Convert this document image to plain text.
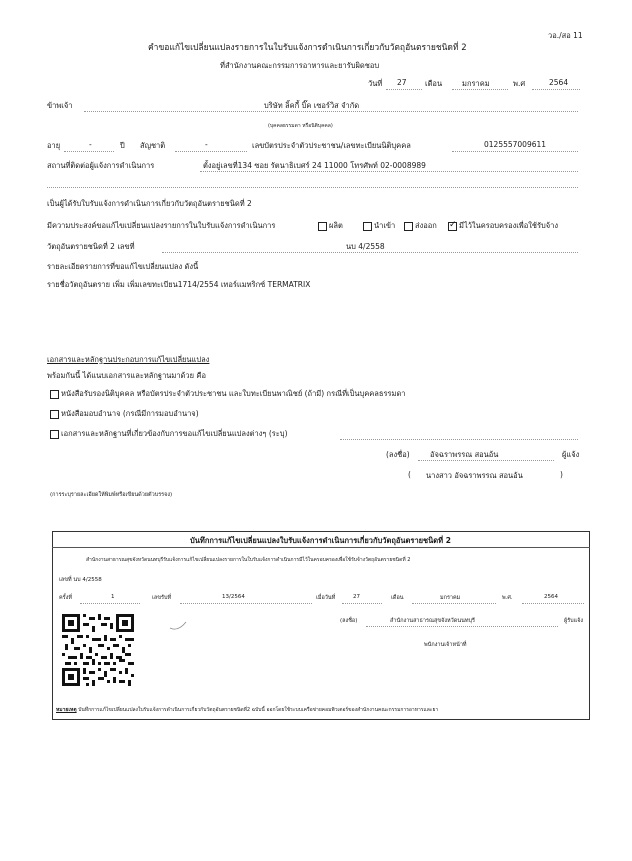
วอ./สอ 11
คำขอแก้ไขเปลี่ยนแปลงรายการในใบรับแจ้งการดำเนินการเกี่ยวกับวัตถุอันตรายชนิดที่ 2
ที่สำนักงานคณะกรรมการอาหารและยารับผิดชอบ
วันที่ 27 เดือน	มกราคม	พ.ศ	2564
ข้าพเจ้า	บริษัท ลิ้คกี้ บิ๊ค เซอร์วิส จำกัด
(บุคคลธรรมดา หรือนิติบุคคล)
อายุ	-	ปี สัญชาติ	-	เลขบัตรประจำตัวประชาชน/เลขทะเบียนนิติบุคคล	0125557009611
สถานที่ติดต่อผู้แจ้งการดำเนินการ	ตั้งอยู่เลขที่134 ซอย รัตนาธิเบศร์ 24 11000 โทรศัพท์ 02-0008989
เป็นผู้ได้รับใบรับแจ้งการดำเนินการเกี่ยวกับวัตถุอันตรายชนิดที่ 2
มีความประสงค์ขอแก้ไขเปลี่ยนแปลงรายการในใบรับแจ้งการดำเนินการ	ผลิต	นำเข้า	ส่งออก
✓	มีไว้ในครอบครองเพื่อใช้รับจ้าง
วัตถุอันตรายชนิดที่ 2 เลขที่	นบ 4/2558
รายละเอียดรายการที่ขอแก้ไขเปลี่ยนแปลง ดังนี้
รายชื่อวัตถุอันตราย เพิ่ม เพิ่มเลขทะเบียน1714/2554 เทอร์แมทริกซ์ TERMATRIX
เอกสารและหลักฐานประกอบการแก้ไขเปลี่ยนแปลง
พร้อมกันนี้ ได้แนบเอกสารและหลักฐานมาด้วย คือ
หนังสือรับรองนิติบุคคล หรือบัตรประจำตัวประชาชน และใบทะเบียนพาณิชย์ (ถ้ามี) กรณีที่เป็นบุคคลธรรมดา
หนังสือมอบอำนาจ (กรณีมีการมอบอำนาจ)
เอกสารและหลักฐานที่เกี่ยวข้องกับการขอแก้ไขเปลี่ยนแปลงต่างๆ (ระบุ)
(ลงชื่อ)	อัจฉราพรรณ สอนอ้น	ผู้แจ้ง
( นางสาว อัจฉราพรรณ สอนอ้น	)
(การระบุรายละเอียดให้พิมพ์หรือเขียนด้วยตัวบรรจง)
บันทึกการแก้ไขเปลี่ยนแปลงใบรับแจ้งการดำเนินการเกี่ยวกับวัตถุอันตรายชนิดที่ 2
สำนักงานสาธารณสุขจังหวัดนนทบุรีรับแจ้งการแก้ไขเปลี่ยนแปลงรายการในใบรับแจ้งการดำเนินการมีไว้ในครอบครองเพื่อใช้รับจ้างวัตถุอันตรายชนิดที่ 2
เลขที่ นบ 4/2558
ครั้งที่	1	เลขรับที่	13/2564	เมื่อวันที่	27	เดือน	มกราคม	พ.ศ.	2564
(ลงชื่อ)	สำนักงานสาธารณสุขจังหวัดนนทบุรี	ผู้รับแจ้ง
พนักงานเจ้าหน้าที่
หมายเหตุ บันทึกการแก้ไขเปลี่ยนแปลงใบรับแจ้งการดำเนินการเกี่ยวกับวัตถุอันตรายชนิดที่2 ฉบับนี้ ออกโดยใช้ระบบเครือข่ายคอมพิวเตอร์ของสำนักงานคณะกรรมการอาหารและยา
